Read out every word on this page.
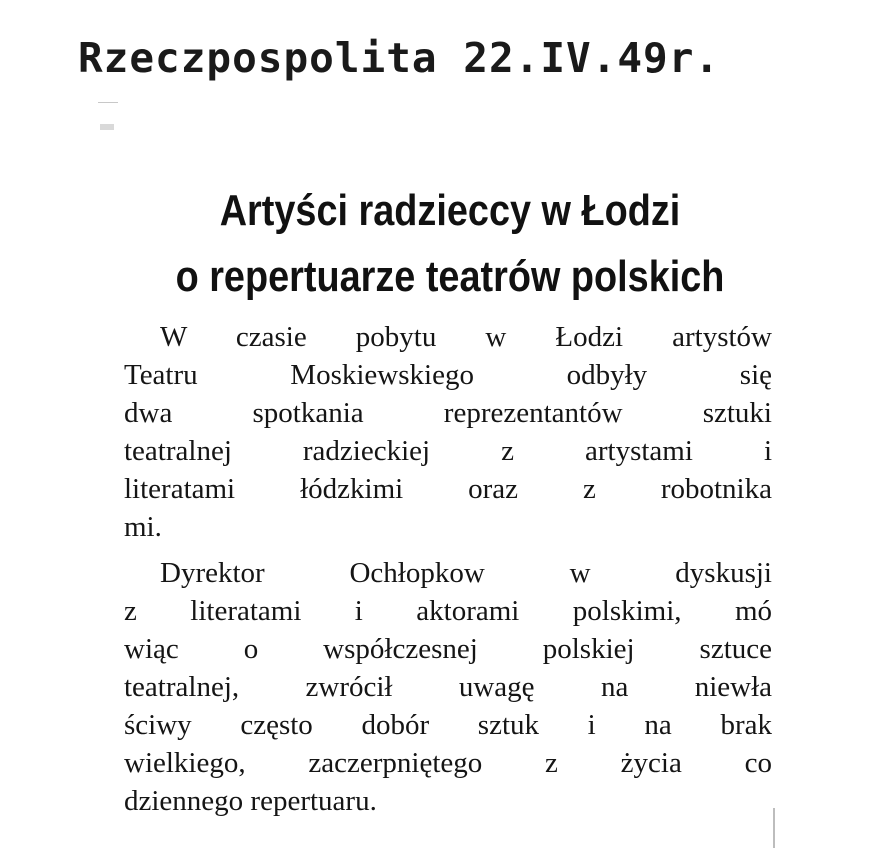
Rzeczpospolita 22.IV.49r.
Artyści radzieccy w Łodzi
o repertuarze teatrów polskich

W czasie pobytu w Łodzi artystów
Teatru Moskiewskiego odbyły się
dwa spotkania reprezentantów sztuki
teatralnej radzieckiej z artystami i
literatami łódzkimi oraz z robotnika
mi.

Dyrektor Ochłopkow w dyskusji
z literatami i aktorami polskimi, mó
wiąc o współczesnej polskiej sztuce
teatralnej, zwrócił uwagę na niewła
ściwy często dobór sztuk i na brak
wielkiego, zaczerpniętego z życia co
dziennego repertuaru.
